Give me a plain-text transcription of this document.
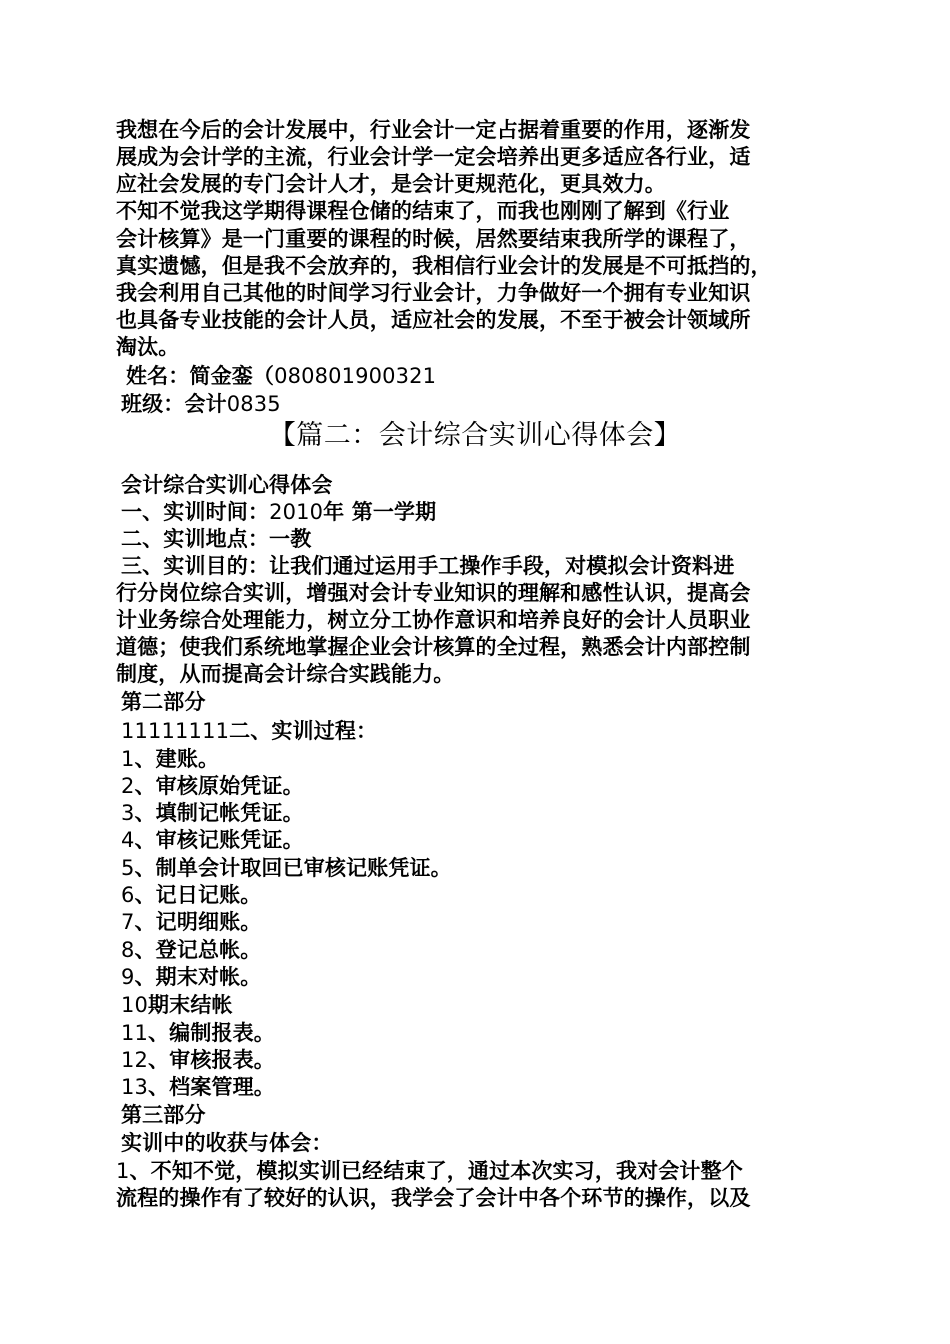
我想在今后的会计发展中，行业会计一定占据着重要的作用，逐渐发
展成为会计学的主流，行业会计学一定会培养出更多适应各行业，适
应社会发展的专门会计人才，是会计更规范化，更具效力。
不知不觉我这学期得课程仓储的结束了，而我也刚刚了解到《行业
会计核算》是一门重要的课程的时候，居然要结束我所学的课程了，
真实遗憾，但是我不会放弃的，我相信行业会计的发展是不可抵挡的，
我会利用自己其他的时间学习行业会计，力争做好一个拥有专业知识
也具备专业技能的会计人员，适应社会的发展，不至于被会计领域所
淘汰。
姓名：简金銮（080801900321
班级：会计0835
【篇二：会计综合实训心得体会】
会计综合实训心得体会
一、实训时间：2010年 第一学期
二、实训地点：一教
三、实训目的：让我们通过运用手工操作手段，对模拟会计资料进
行分岗位综合实训，增强对会计专业知识的理解和感性认识，提高会
计业务综合处理能力，树立分工协作意识和培养良好的会计人员职业
道德；使我们系统地掌握企业会计核算的全过程，熟悉会计内部控制
制度，从而提高会计综合实践能力。
第二部分
11111111二、实训过程：
1、建账。
2、审核原始凭证。
3、填制记帐凭证。
4、审核记账凭证。
5、制单会计取回已审核记账凭证。
6、记日记账。
7、记明细账。
8、登记总帐。
9、期末对帐。
10期末结帐
11、编制报表。
12、审核报表。
13、档案管理。
第三部分
实训中的收获与体会：
1、不知不觉，模拟实训已经结束了，通过本次实习，我对会计整个
流程的操作有了较好的认识，我学会了会计中各个环节的操作，以及
